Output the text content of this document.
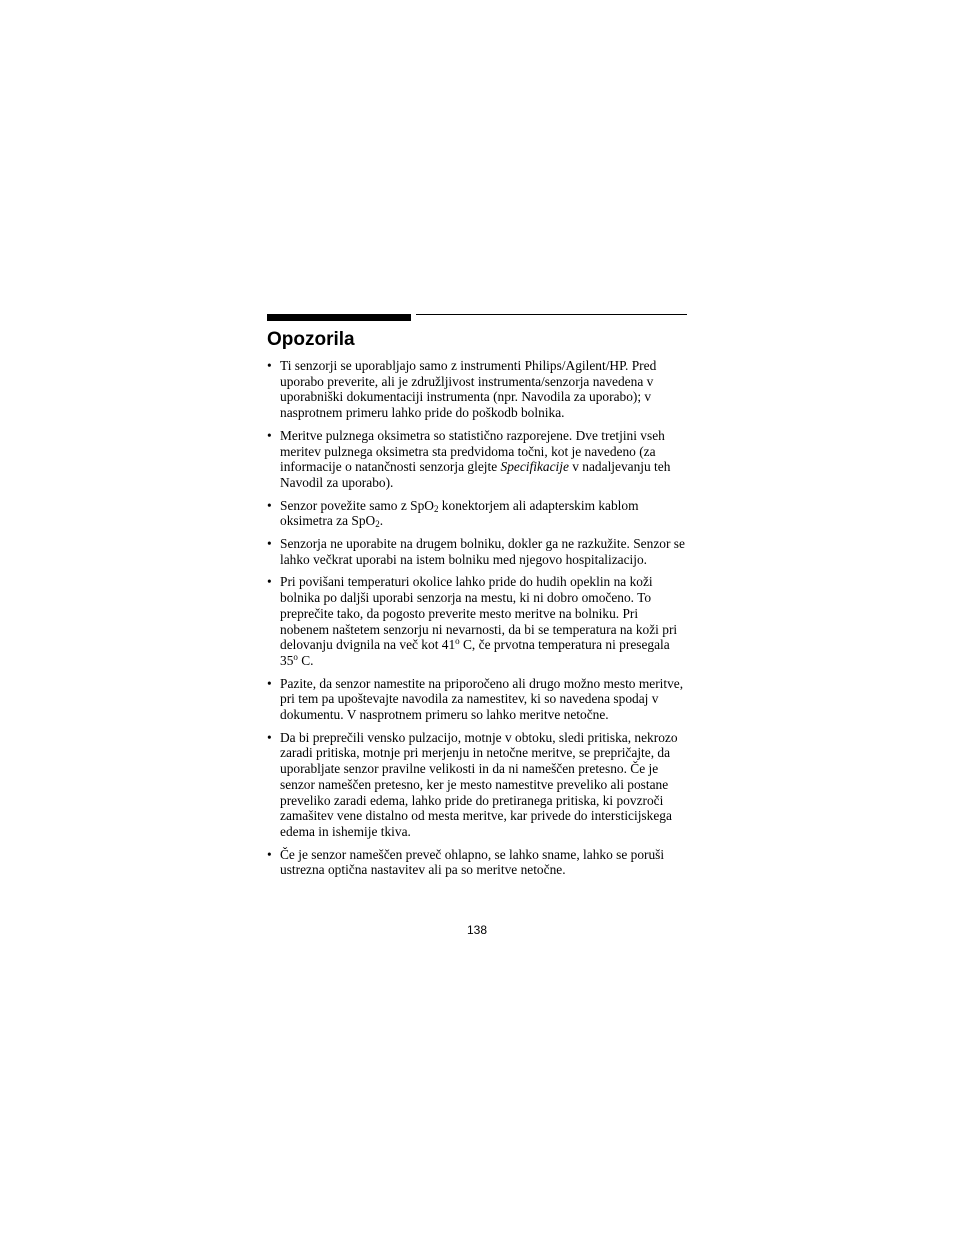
Opozorila
• Ti senzorji se uporabljajo samo z instrumenti Philips/Agilent/HP. Pred uporabo preverite, ali je združljivost instrumenta/senzorja navedena v uporabniški dokumentaciji instrumenta (npr. Navodila za uporabo); v nasprotnem primeru lahko pride do poškodb bolnika.
• Meritve pulznega oksimetra so statistično razporejene. Dve tretjini vseh meritev pulznega oksimetra sta predvidoma točni, kot je navedeno (za informacije o natančnosti senzorja glejte Specifikacije v nadaljevanju teh Navodil za uporabo).
• Senzor povežite samo z SpO$_2$ konektorjem ali adapterskim kablom oksimetra za SpO$_2$.
• Senzorja ne uporabite na drugem bolniku, dokler ga ne razkužite. Senzor se lahko večkrat uporabi na istem bolniku med njegovo hospitalizacijo.
• Pri povišani temperaturi okolice lahko pride do hudih opeklin na koži bolnika po daljši uporabi senzorja na mestu, ki ni dobro omočeno. To preprečite tako, da pogosto preverite mesto meritve na bolniku. Pri nobenem naštetem senzorju ni nevarnosti, da bi se temperatura na koži pri delovanju dvignila na več kot 41$^o$ C, če prvotna temperatura ni presegala 35$^o$ C.
• Pazite, da senzor namestite na priporočeno ali drugo možno mesto meritve, pri tem pa upoštevajte navodila za namestitev, ki so navedena spodaj v dokumentu. V nasprotnem primeru so lahko meritve netočne.
• Da bi preprečili vensko pulzacijo, motnje v obtoku, sledi pritiska, nekrozo zaradi pritiska, motnje pri merjenju in netočne meritve, se prepričajte, da uporabljate senzor pravilne velikosti in da ni nameščen pretesno. Če je senzor nameščen pretesno, ker je mesto namestitve preveliko ali postane preveliko zaradi edema, lahko pride do pretiranega pritiska, ki povzroči zamašitev vene distalno od mesta meritve, kar privede do intersticijskega edema in ishemije tkiva.
• Če je senzor nameščen preveč ohlapno, se lahko sname, lahko se poruši ustrezna optična nastavitev ali pa so meritve netočne.
138
